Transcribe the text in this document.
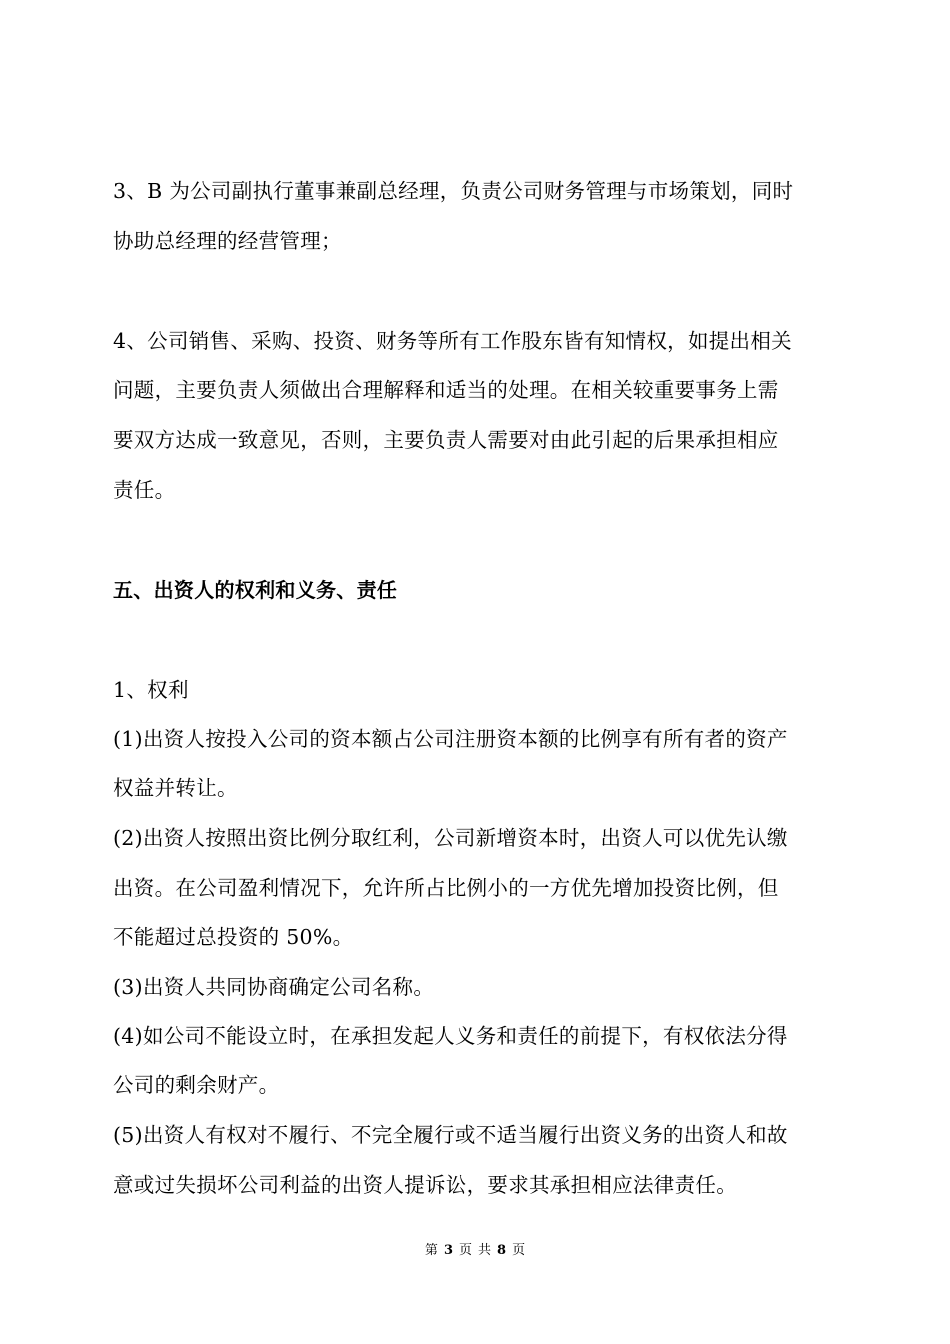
3、B 为公司副执行董事兼副总经理，负责公司财务管理与市场策划，同时
协助总经理的经营管理；
4、公司销售、采购、投资、财务等所有工作股东皆有知情权，如提出相关
问题，主要负责人须做出合理解释和适当的处理。在相关较重要事务上需
要双方达成一致意见，否则，主要负责人需要对由此引起的后果承担相应
责任。
五、出资人的权利和义务、责任
1、权利
(1)出资人按投入公司的资本额占公司注册资本额的比例享有所有者的资产
权益并转让。
(2)出资人按照出资比例分取红利，公司新增资本时，出资人可以优先认缴
出资。在公司盈利情况下，允许所占比例小的一方优先增加投资比例，但
不能超过总投资的 50%。
(3)出资人共同协商确定公司名称。
(4)如公司不能设立时，在承担发起人义务和责任的前提下，有权依法分得
公司的剩余财产。
(5)出资人有权对不履行、不完全履行或不适当履行出资义务的出资人和故
意或过失损坏公司利益的出资人提诉讼，要求其承担相应法律责任。
第 3 页 共 8 页
